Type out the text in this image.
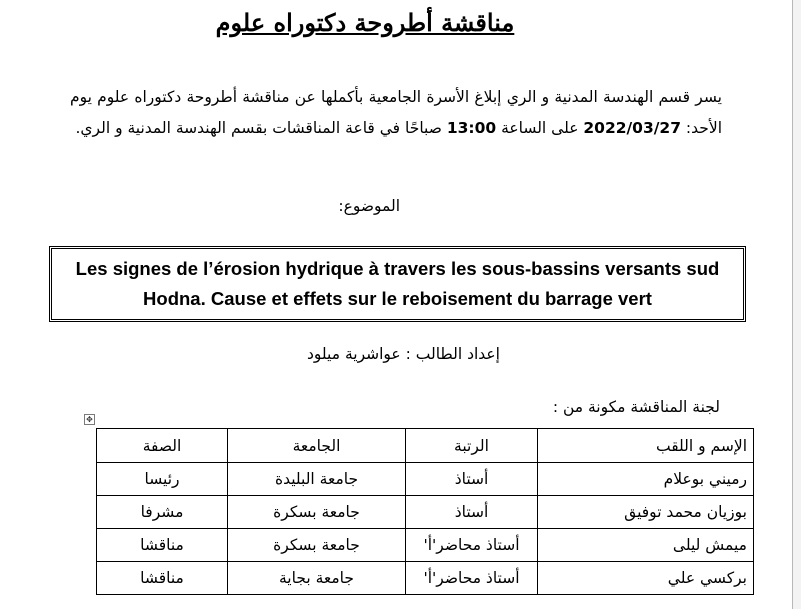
مناقشة أطروحة دكتوراه علوم
يسر قسم الهندسة المدنية و الري إبلاغ الأسرة الجامعية بأكملها عن مناقشة أطروحة دكتوراه علوم يوم الأحد: 2022/03/27 على الساعة 13:00 صباحًا في قاعة المناقشات بقسم الهندسة المدنية و الري.
الموضوع:
Les signes de l’érosion hydrique à travers les sous-bassins versants sud Hodna. Cause et effets sur le reboisement du barrage vert
إعداد الطالب : عواشرية ميلود
لجنة المناقشة مكونة من :
✥
الإسم و اللقب	الرتبة	الجامعة	الصفة
رميني بوعلام	أستاذ	جامعة البليدة	رئيسا
بوزيان محمد توفيق	أستاذ	جامعة بسكرة	مشرفا
ميمش ليلى	أستاذ محاضر'أ'	جامعة بسكرة	مناقشا
بركسي علي	أستاذ محاضر'أ'	جامعة بجاية	مناقشا
